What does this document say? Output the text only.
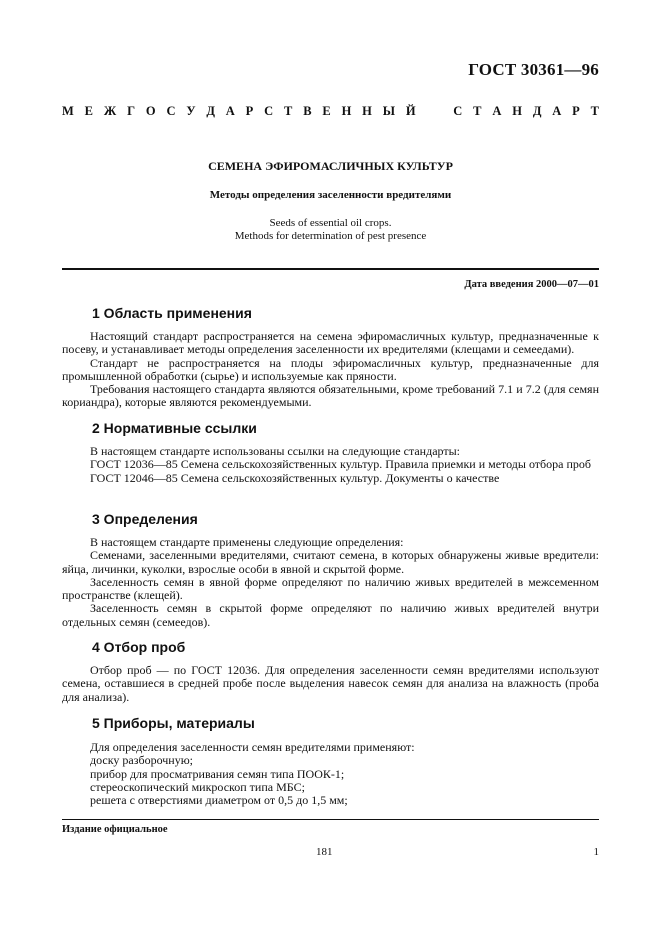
ГОСТ 30361—96
М Е Ж Г О С У Д А Р С Т В Е Н Н Ы Й	С Т А Н Д А Р Т
СЕМЕНА ЭФИРОМАСЛИЧНЫХ КУЛЬТУР
Методы определения заселенности вредителями
Seeds of essential oil crops.
Methods for determination of pest presence
Дата введения 2000—07—01
1 Область применения

Настоящий стандарт распространяется на семена эфиромасличных культур, предназначенные к посеву, и устанавливает методы определения заселенности их вредителями (клещами и семеедами).

Стандарт не распространяется на плоды эфиромасличных культур, предназначенные для промышленной обработки (сырье) и используемые как пряности.

Требования настоящего стандарта являются обязательными, кроме требований 7.1 и 7.2 (для семян кориандра), которые являются рекомендуемыми.

2 Нормативные ссылки

В настоящем стандарте использованы ссылки на следующие стандарты:

ГОСТ 12036—85 Семена сельскохозяйственных культур. Правила приемки и методы отбора проб

ГОСТ 12046—85 Семена сельскохозяйственных культур. Документы о качестве

3 Определения

В настоящем стандарте применены следующие определения:

Семенами, заселенными вредителями, считают семена, в которых обнаружены живые вредители: яйца, личинки, куколки, взрослые особи в явной и скрытой форме.

Заселенность семян в явной форме определяют по наличию живых вредителей в межсеменном пространстве (клещей).

Заселенность семян в скрытой форме определяют по наличию живых вредителей внутри отдельных семян (семеедов).

4 Отбор проб

Отбор проб — по ГОСТ 12036. Для определения заселенности семян вредителями используют семена, оставшиеся в средней пробе после выделения навесок семян для анализа на влажность (проба для анализа).

5 Приборы, материалы

Для определения заселенности семян вредителями применяют:

доску разборочную;

прибор для просматривания семян типа ПООК-1;

стереоскопический микроскоп типа МБС;

решета с отверстиями диаметром от 0,5 до 1,5 мм;

Издание официальное
181	1
